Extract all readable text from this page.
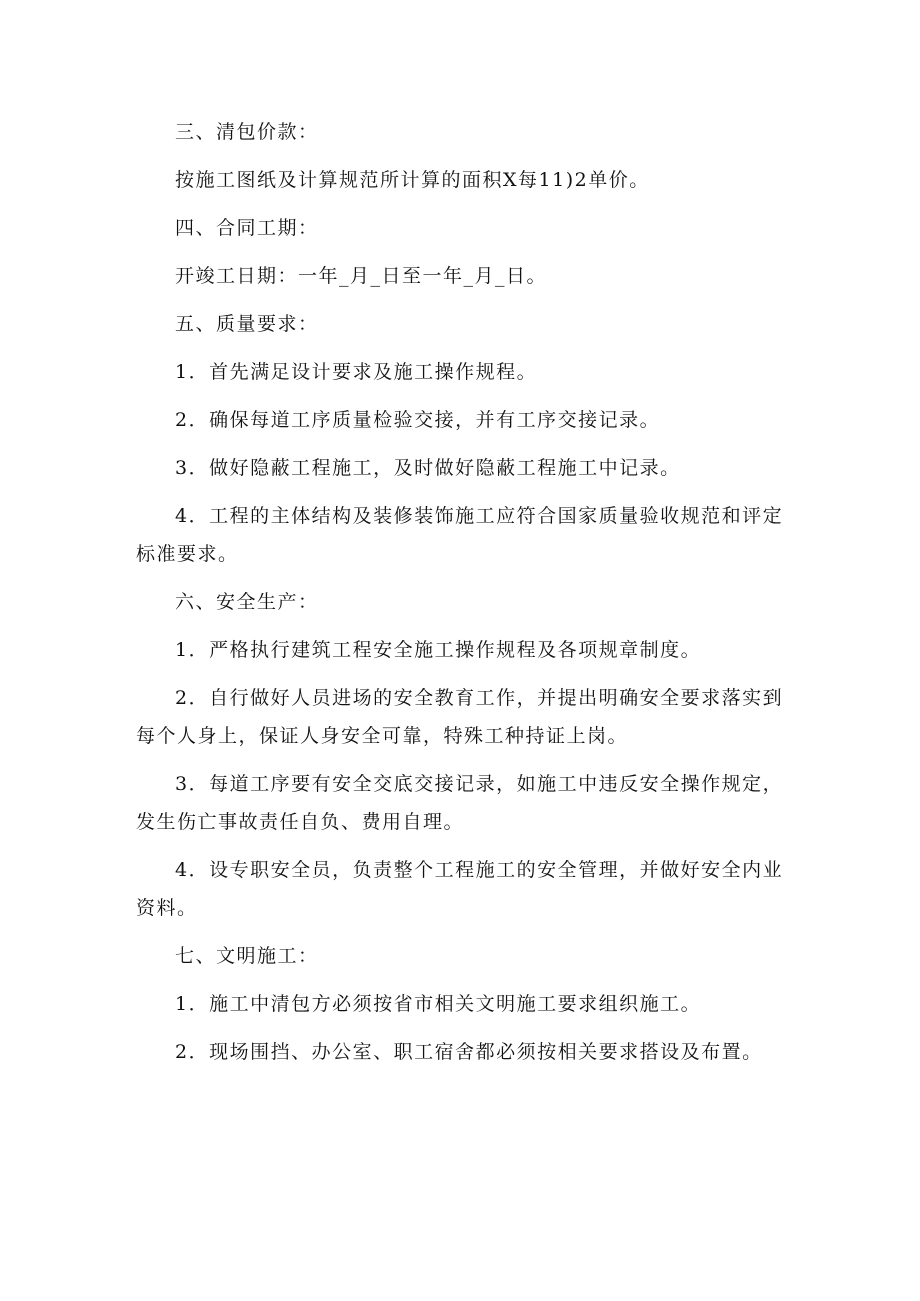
三、清包价款：

按施工图纸及计算规范所计算的面积X每11)2单价。

四、合同工期：

开竣工日期：一年_月_日至一年_月_日。

五、质量要求：

1．首先满足设计要求及施工操作规程。

2．确保每道工序质量检验交接，并有工序交接记录。

3．做好隐蔽工程施工，及时做好隐蔽工程施工中记录。

4．工程的主体结构及装修装饰施工应符合国家质量验收规范和评定标准要求。

六、安全生产：

1．严格执行建筑工程安全施工操作规程及各项规章制度。

2．自行做好人员进场的安全教育工作，并提出明确安全要求落实到每个人身上，保证人身安全可靠，特殊工种持证上岗。

3．每道工序要有安全交底交接记录，如施工中违反安全操作规定，发生伤亡事故责任自负、费用自理。

4．设专职安全员，负责整个工程施工的安全管理，并做好安全内业资料。

七、文明施工：

1．施工中清包方必须按省市相关文明施工要求组织施工。

2．现场围挡、办公室、职工宿舍都必须按相关要求搭设及布置。
